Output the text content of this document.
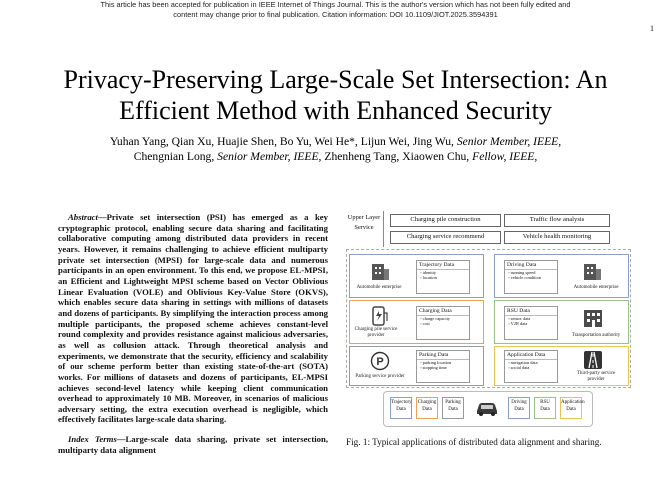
This article has been accepted for publication in IEEE Internet of Things Journal. This is the author's version which has not been fully edited and
content may change prior to final publication. Citation information: DOI 10.1109/JIOT.2025.3594391
1
Privacy-Preserving Large-Scale Set Intersection: An
Efficient Method with Enhanced Security
Yuhan Yang, Qian Xu, Huajie Shen, Bo Yu, Wei He*, Lijun Wei, Jing Wu, Senior Member, IEEE,
Chengnian Long, Senior Member, IEEE, Zhenheng Tang, Xiaowen Chu, Fellow, IEEE,
Abstract—Private set intersection (PSI) has emerged as a key cryptographic protocol, enabling secure data sharing and facilitating collaborative computing among distributed data providers in recent years. However, it remains challenging to achieve efficient multiparty private set intersection (MPSI) for large-scale data and numerous participants in an open environment. To this end, we propose EL-MPSI, an Efficient and Lightweight MPSI scheme based on Vector Oblivious Linear Evaluation (VOLE) and Oblivious Key-Value Store (OKVS), which enables secure data sharing in settings with millions of datasets and dozens of participants. By simplifying the interaction process among multiple participants, the proposed scheme achieves constant-level round complexity and provides resistance against malicious adversaries, as well as collusion attack. Through theoretical analysis and experiments, we demonstrate that the security, efficiency and scalability of our scheme perform better than existing state-of-the-art (SOTA) works. For millions of datasets and dozens of participants, EL-MPSI achieves second-level latency while keeping client communication overhead to approximately 10 MB. Moreover, in scenarios of malicious adversary setting, the extra execution overhead is negligible, which effectively facilitates large-scale data sharing.
Index Terms—Large-scale data sharing, private set intersection, multiparty data alignment
Upper Layer Service
Charging pile construction	Traffic flow analysis
Charging service recommend	Vehicle health monitoring
P
Automobile enterprise
Charging pile service provider
Parking service provider
Trajectory Data
▫ identity
▫ location
Charging Data
▫ charge capacity
▫ cost
Parking Data
▫ parking location
▫ stopping time
Driving Data
▫ running speed
▫ vehicle condition
RSU Data
▫ sensor data
▫ V2R data
Application Data
▫ navigation data
▫ social data
Automobile enterprise
Transportation authority
Third-party service provider
Trajectory Data
Charging Data
Parking Data
Driving Data
RSU Data
Application Data
Fig. 1: Typical applications of distributed data alignment and sharing.
